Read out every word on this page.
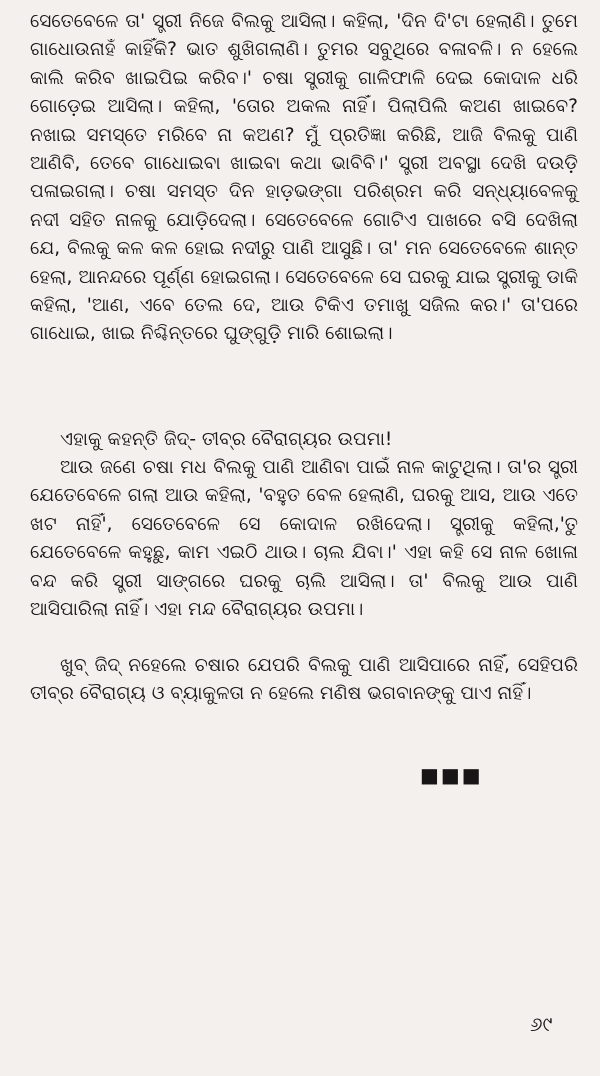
ସେତେବେଳେ ତା' ସ୍ତ୍ରୀ ନିଜେ ବିଲକୁ ଆସିଲା। କହିଲା, 'ଦିନ ଦି'ଟା ହେଲାଣି। ତୁମେ ଗାଧୋଉନାହଁ କାହିଁକି? ଭାତ ଶୁଖିଗଲାଣି। ତୁମର ସବୁଥିରେ ବଳାବଳି। ନ ହେଲେ କାଲି କରିବ ଖାଇପିଇ କରିବ।' ଚଷା ସ୍ତ୍ରୀକୁ ଗାଳିଫାଳି ଦେଇ କୋଦାଳ ଧରି ଗୋଡ଼େଇ ଆସିଲା। କହିଲା, 'ତୋର ଅକଲ ନାହିଁ। ପିଲାପିଲି କଅଣ ଖାଇବେ? ନଖାଇ ସମସ୍ତେ ମରିବେ ନା କଅଣ? ମୁଁ ପ୍ରତିଜ୍ଞା କରିଛି, ଆଜି ବିଲକୁ ପାଣି ଆଣିବି, ତେବେ ଗାଧୋଇବା ଖାଇବା କଥା ଭାବିବି।' ସ୍ତ୍ରୀ ଅବସ୍ଥା ଦେଖି ଦଉଡ଼ି ପଳାଇଗଲା। ଚଷା ସମସ୍ତ ଦିନ ହାଡ଼ଭଙ୍ଗା ପରିଶ୍ରମ କରି ସନ୍ଧ୍ୟାବେଳକୁ ନଦୀ ସହିତ ନାଳକୁ ଯୋଡ଼ିଦେଲା। ସେତେବେଳେ ଗୋଟିଏ ପାଖରେ ବସି ଦେଖିଲା ଯେ, ବିଲକୁ କଳ କଳ ହୋଇ ନଦୀରୁ ପାଣି ଆସୁଛି। ତା' ମନ ସେତେବେଳେ ଶାନ୍ତ ହେଲା, ଆନନ୍ଦରେ ପୂର୍ଣ୍ଣ ହୋଇଗଲା। ସେତେବେଳେ ସେ ଘରକୁ ଯାଇ ସ୍ତ୍ରୀକୁ ଡାକି କହିଲା, 'ଆଣ, ଏବେ ତେଲ ଦେ, ଆଉ ଟିକିଏ ତମାଖୁ ସଜିଲ କର।' ତା'ପରେ ଗାଧୋଇ, ଖାଇ ନିଶ୍ଚିନ୍ତରେ ଘୁଙ୍ଗୁଡ଼ି ମାରି ଶୋଇଲା।

ଏହାକୁ କହନ୍ତି ଜିଦ୍- ତୀବ୍ର ବୈରାଗ୍ୟର ଉପମା!

ଆଉ ଜଣେ ଚଷା ମଧ ବିଲକୁ ପାଣି ଆଣିବା ପାଇଁ ନାଳ କାଟୁଥିଲା। ତା'ର ସ୍ତ୍ରୀ ଯେତେବେଳେ ଗଲା ଆଉ କହିଲା, 'ବହୁତ ବେଳ ହେଲାଣି, ଘରକୁ ଆସ, ଆଉ ଏତେ ଖଟ ନାହିଁ', ସେତେବେଳେ ସେ କୋଦାଳ ରଖିଦେଲା। ସ୍ତ୍ରୀକୁ କହିଲା,'ତୁ ଯେତେବେଳେ କହୁଛୁ, କାମ ଏଇଠି ଥାଉ। ଚାଲ ଯିବା।' ଏହା କହି ସେ ନାଳ ଖୋଳା ବନ୍ଦ କରି ସ୍ତ୍ରୀ ସାଙ୍ଗରେ ଘରକୁ ଚାଲି ଆସିଲା। ତା' ବିଲକୁ ଆଉ ପାଣି ଆସିପାରିଲା ନାହିଁ। ଏହା ମନ୍ଦ ବୈରାଗ୍ୟର ଉପମା।

ଖୁବ୍ ଜିଦ୍ ନହେଲେ ଚଷାର ଯେପରି ବିଲକୁ ପାଣି ଆସିପାରେ ନାହିଁ, ସେହିପରି ତୀବ୍ର ବୈରାଗ୍ୟ ଓ ବ୍ୟାକୁଳତା ନ ହେଲେ ମଣିଷ ଭଗବାନଙ୍କୁ ପାଏ ନାହିଁ।

■■■
୬୯
